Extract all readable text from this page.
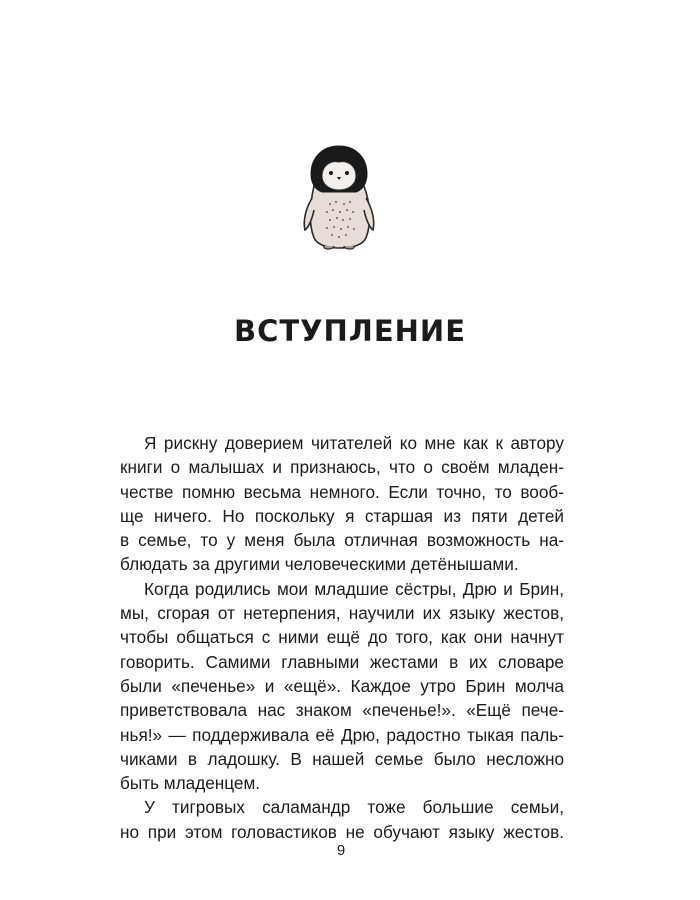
ВСТУПЛЕНИЕ
Я рискну доверием читателей ко мне как к автору
книги о малышах и признаюсь, что о своём младен-
честве помню весьма немного. Если точно, то вооб-
ще ничего. Но поскольку я старшая из пяти детей
в семье, то у меня была отличная возможность на-
блюдать за другими человеческими детёнышами.
Когда родились мои младшие сёстры, Дрю и Брин,
мы, сгорая от нетерпения, научили их языку жестов,
чтобы общаться с ними ещё до того, как они начнут
говорить. Самими главными жестами в их словаре
были «печенье» и «ещё». Каждое утро Брин молча
приветствовала нас знаком «печенье!». «Ещё пече-
нья!» — поддерживала её Дрю, радостно тыкая паль-
чиками в ладошку. В нашей семье было несложно
быть младенцем.
У тигровых саламандр тоже большие семьи,
но при этом головастиков не обучают языку жестов.
9
